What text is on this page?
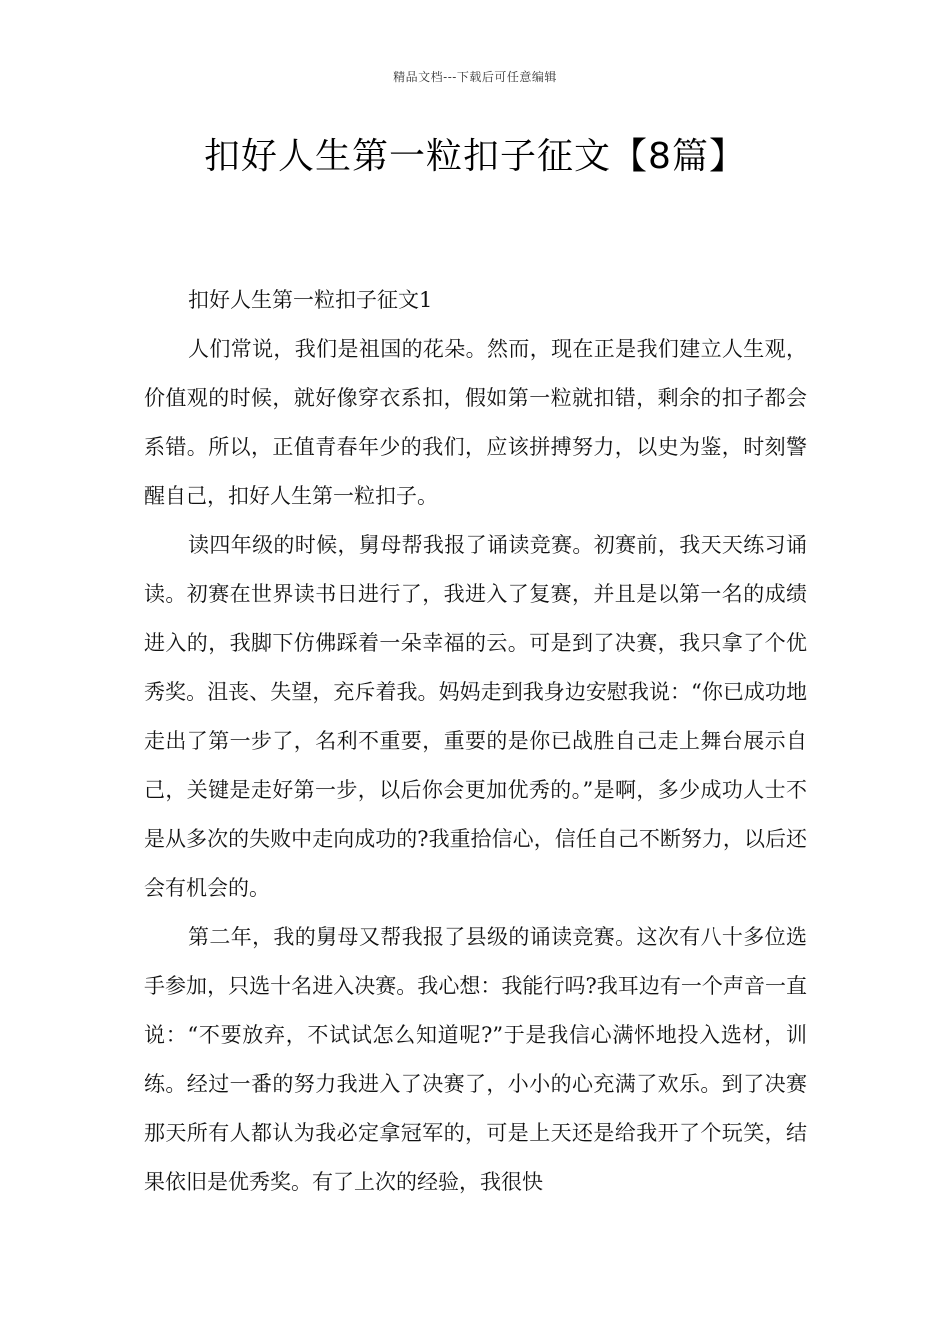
精品文档---下载后可任意编辑
扣好人生第一粒扣子征文【8篇】

扣好人生第一粒扣子征文1

人们常说，我们是祖国的花朵。然而，现在正是我们建立人生观，价值观的时候，就好像穿衣系扣，假如第一粒就扣错，剩余的扣子都会系错。所以，正值青春年少的我们，应该拼搏努力，以史为鉴，时刻警醒自己，扣好人生第一粒扣子。

读四年级的时候，舅母帮我报了诵读竞赛。初赛前，我天天练习诵读。初赛在世界读书日进行了，我进入了复赛，并且是以第一名的成绩进入的，我脚下仿佛踩着一朵幸福的云。可是到了决赛，我只拿了个优秀奖。沮丧、失望，充斥着我。妈妈走到我身边安慰我说：“你已成功地走出了第一步了，名利不重要，重要的是你已战胜自己走上舞台展示自己，关键是走好第一步，以后你会更加优秀的。”是啊，多少成功人士不是从多次的失败中走向成功的?我重拾信心，信任自己不断努力，以后还会有机会的。

第二年，我的舅母又帮我报了县级的诵读竞赛。这次有八十多位选手参加，只选十名进入决赛。我心想：我能行吗?我耳边有一个声音一直说：“不要放弃，不试试怎么知道呢?”于是我信心满怀地投入选材，训练。经过一番的努力我进入了决赛了，小小的心充满了欢乐。到了决赛那天所有人都认为我必定拿冠军的，可是上天还是给我开了个玩笑，结果依旧是优秀奖。有了上次的经验，我很快
